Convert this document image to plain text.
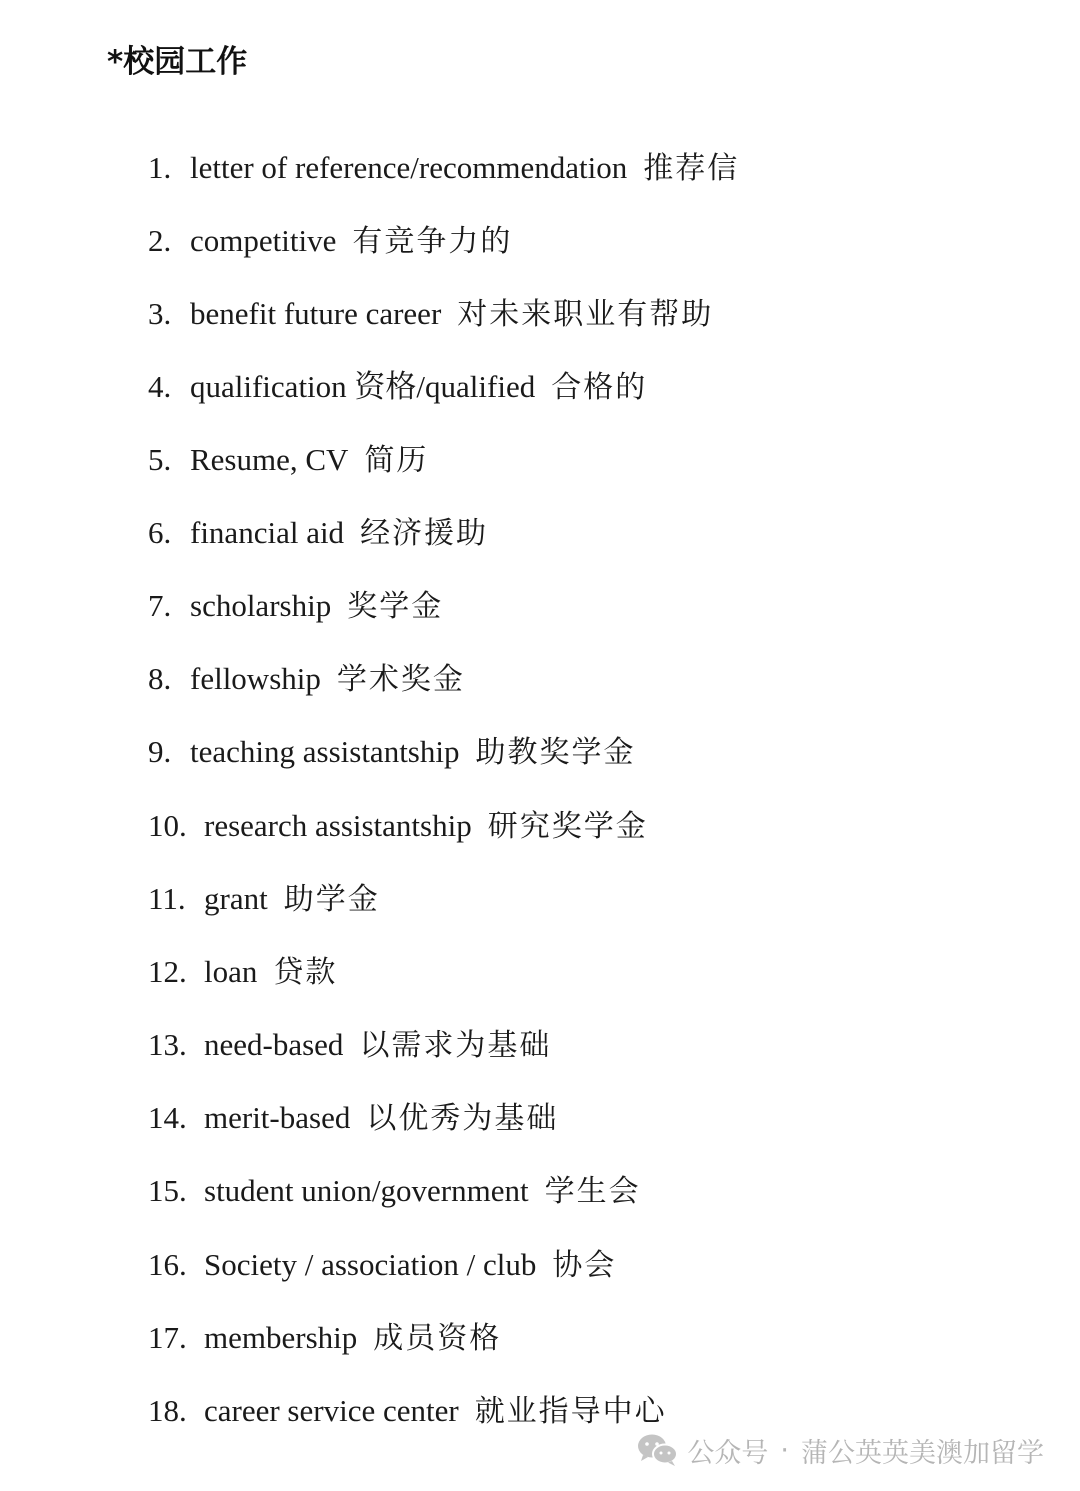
*校园工作
1. letter of reference/recommendation 推荐信
2. competitive 有竞争力的
3. benefit future career 对未来职业有帮助
4. qualification 资格/qualified 合格的
5. Resume, CV 简历
6. financial aid 经济援助
7. scholarship 奖学金
8. fellowship 学术奖金
9. teaching assistantship 助教奖学金
10. research assistantship 研究奖学金
11. grant 助学金
12. loan 贷款
13. need-based 以需求为基础
14. merit-based 以优秀为基础
15. student union/government 学生会
16. Society / association / club 协会
17. membership 成员资格
18. career service center 就业指导中心
公众号 · 蒲公英英美澳加留学
